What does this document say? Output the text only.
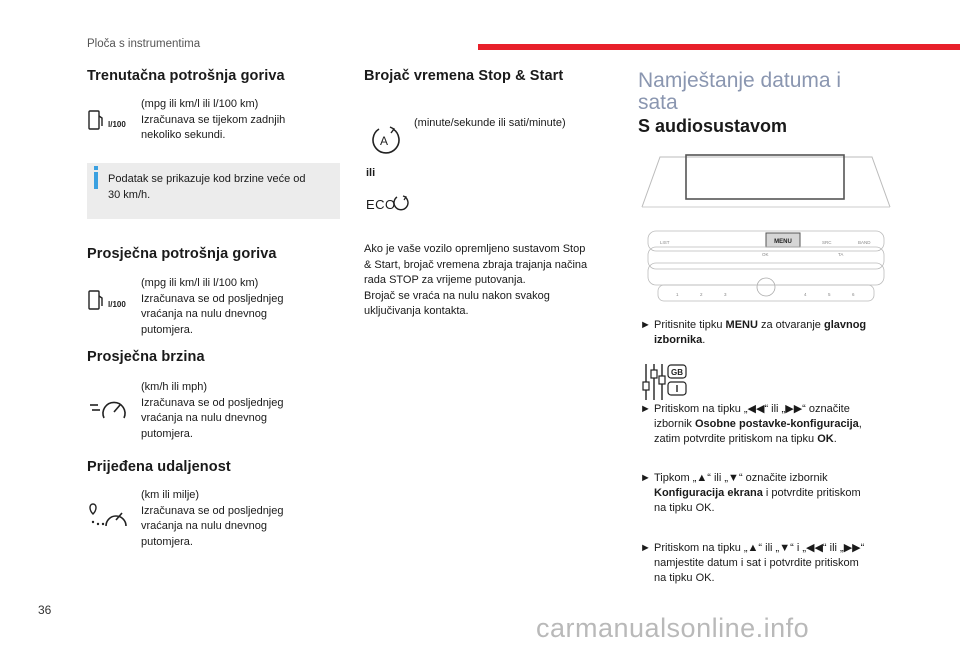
Ploča s instrumentima
Trenutačna potrošnja goriva
l/100
(mpg ili km/l ili l/100 km)
Izračunava se tijekom zadnjih
nekoliko sekundi.
Podatak se prikazuje kod brzine veće od
30 km/h.
Prosječna potrošnja goriva
l/100
(mpg ili km/l ili l/100 km)
Izračunava se od posljednjeg
vraćanja na nulu dnevnog
putomjera.
Prosječna brzina
(km/h ili mph)
Izračunava se od posljednjeg
vraćanja na nulu dnevnog
putomjera.
Prijeđena udaljenost
(km ili milje)
Izračunava se od posljednjeg
vraćanja na nulu dnevnog
putomjera.
Brojač vremena Stop & Start
A
(minute/sekunde ili sati/minute)
ili
ECO
Ako je vaše vozilo opremljeno sustavom Stop
& Start, brojač vremena zbraja trajanja načina
rada STOP za vrijeme putovanja.
Brojač se vraća na nulu nakon svakog
uključivanja kontakta.
Namještanje datuma i
sata
S audiosustavom
MENU
LIST	SRC	BAND
OK	TA
1	2	3	4	5	6
► Pritisnite tipku MENU za otvaranje glavnog
izbornika.
GB
► Pritiskom na tipku „◀◀“ ili „▶▶“ označite
izbornik Osobne postavke-konfiguracija,
zatim potvrdite pritiskom na tipku OK.
► Tipkom „▲“ ili „▼“ označite izbornik
Konfiguracija ekrana i potvrdite pritiskom
na tipku OK.
► Pritiskom na tipku „▲“ ili „▼“ i „◀◀“ ili „▶▶“
namjestite datum i sat i potvrdite pritiskom
na tipku OK.
36
carmanualsonline.info
